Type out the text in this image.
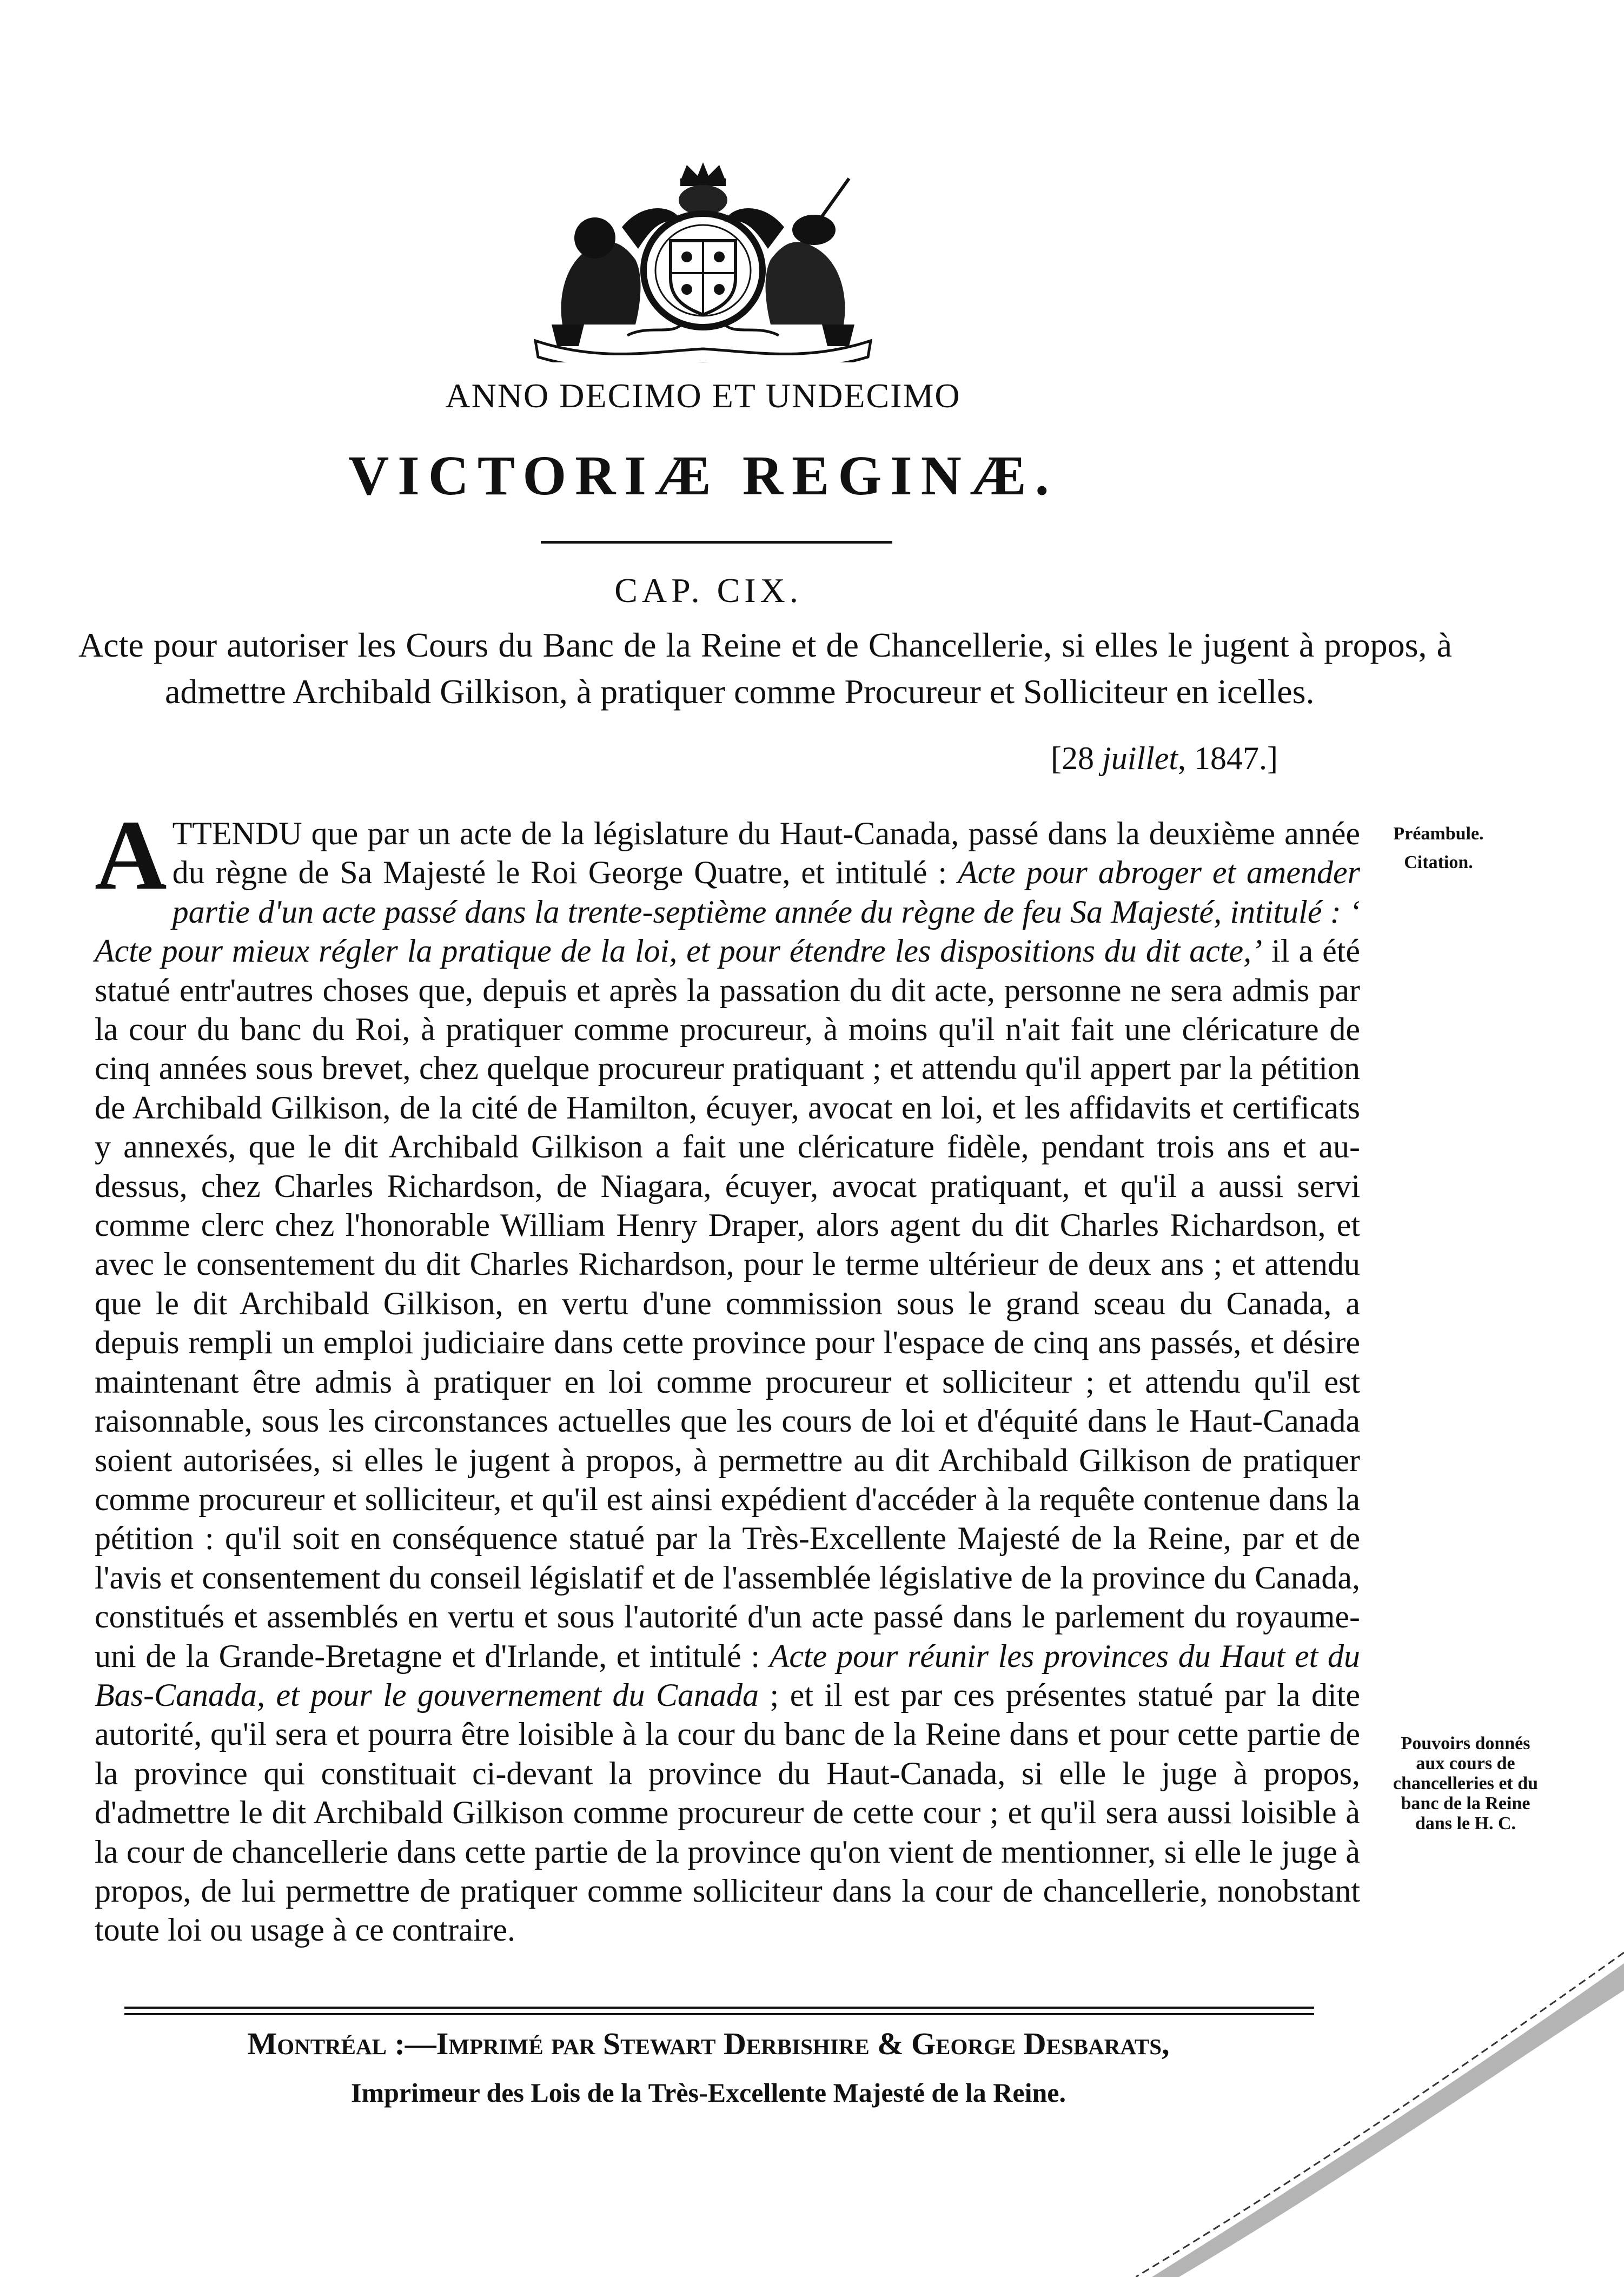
ANNO DECIMO ET UNDECIMO
VICTORIÆ REGINÆ.
CAP. CIX.
Acte pour autoriser les Cours du Banc de la Reine et de Chancellerie, si elles le jugent à propos, à admettre Archibald Gilkison, à pratiquer comme Procureur et Solliciteur en icelles.
[28 juillet, 1847.]
ATTENDU que par un acte de la législature du Haut-Canada, passé dans la deuxième année du règne de Sa Majesté le Roi George Quatre, et intitulé : Acte pour abroger et amender partie d'un acte passé dans la trente-septième année du règne de feu Sa Majesté, intitulé : ‘ Acte pour mieux régler la pratique de la loi, et pour étendre les dispositions du dit acte,’ il a été statué entr'autres choses que, depuis et après la passation du dit acte, personne ne sera admis par la cour du banc du Roi, à pratiquer comme procureur, à moins qu'il n'ait fait une cléricature de cinq années sous brevet, chez quelque procureur pratiquant ; et attendu qu'il appert par la pétition de Archibald Gilkison, de la cité de Hamilton, écuyer, avocat en loi, et les affidavits et certificats y annexés, que le dit Archibald Gilkison a fait une cléricature fidèle, pendant trois ans et au-dessus, chez Charles Richardson, de Niagara, écuyer, avocat pratiquant, et qu'il a aussi servi comme clerc chez l'honorable William Henry Draper, alors agent du dit Charles Richardson, et avec le consentement du dit Charles Richardson, pour le terme ultérieur de deux ans ; et attendu que le dit Archibald Gilkison, en vertu d'une commission sous le grand sceau du Canada, a depuis rempli un emploi judiciaire dans cette province pour l'espace de cinq ans passés, et désire maintenant être admis à pratiquer en loi comme procureur et solliciteur ; et attendu qu'il est raisonnable, sous les circonstances actuelles que les cours de loi et d'équité dans le Haut-Canada soient autorisées, si elles le jugent à propos, à permettre au dit Archibald Gilkison de pratiquer comme procureur et solliciteur, et qu'il est ainsi expédient d'accéder à la requête contenue dans la pétition : qu'il soit en conséquence statué par la Très-Excellente Majesté de la Reine, par et de l'avis et consentement du conseil législatif et de l'assemblée législative de la province du Canada, constitués et assemblés en vertu et sous l'autorité d'un acte passé dans le parlement du royaume-uni de la Grande-Bretagne et d'Irlande, et intitulé : Acte pour réunir les provinces du Haut et du Bas-Canada, et pour le gouvernement du Canada ; et il est par ces présentes statué par la dite autorité, qu'il sera et pourra être loisible à la cour du banc de la Reine dans et pour cette partie de la province qui constituait ci-devant la province du Haut-Canada, si elle le juge à propos, d'admettre le dit Archibald Gilkison comme procureur de cette cour ; et qu'il sera aussi loisible à la cour de chancellerie dans cette partie de la province qu'on vient de mentionner, si elle le juge à propos, de lui permettre de pratiquer comme solliciteur dans la cour de chancellerie, nonobstant toute loi ou usage à ce contraire.
Préambule.
Citation.
Pouvoirs donnés aux cours de chancelleries et du banc de la Reine dans le H. C.
Montréal :—Imprimé par Stewart Derbishire & George Desbarats,
Imprimeur des Lois de la Très-Excellente Majesté de la Reine.
